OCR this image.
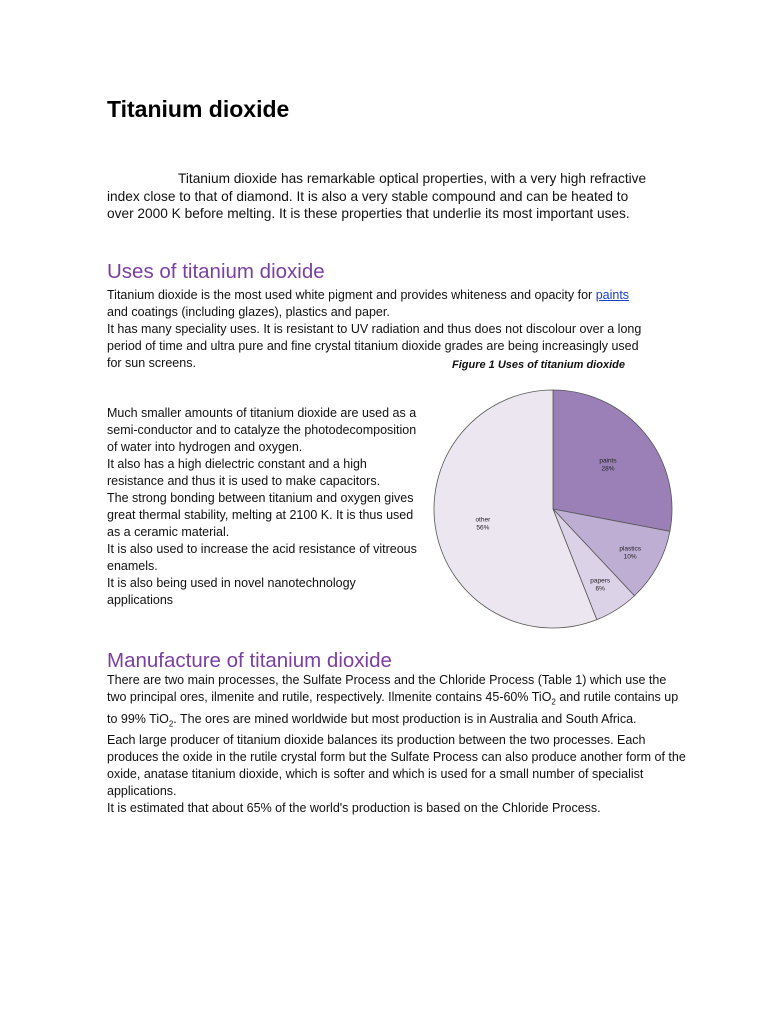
Titanium dioxide

Titanium dioxide has remarkable optical properties, with a very high refractive index close to that of diamond. It is also a very stable compound and can be heated to over 2000 K before melting. It is these properties that underlie its most important uses.

Uses of titanium dioxide

Titanium dioxide is the most used white pigment and provides whiteness and opacity for paints and coatings (including glazes), plastics and paper.

It has many speciality uses. It is resistant to UV radiation and thus does not discolour over a long period of time and ultra pure and fine crystal titanium dioxide grades are being increasingly used for sun screens.	Figure 1 Uses of titanium dioxide

Much smaller amounts of titanium dioxide are used as a semi-conductor and to catalyze the photodecomposition of water into hydrogen and oxygen.

It also has a high dielectric constant and a high resistance and thus it is used to make capacitors.

The strong bonding between titanium and oxygen gives great thermal stability, melting at 2100 K. It is thus used as a ceramic material.

It is also used to increase the acid resistance of vitreous enamels.

It is also being used in novel nanotechnology applications

paints
28%
plastics
10%
papers
6%
other
56%
Manufacture of titanium dioxide

There are two main processes, the Sulfate Process and the Chloride Process (Table 1) which use the two principal ores, ilmenite and rutile, respectively. Ilmenite contains 45-60% TiO$_2$ and rutile contains up to 99% TiO$_2$. The ores are mined worldwide but most production is in Australia and South Africa.

Each large producer of titanium dioxide balances its production between the two processes. Each produces the oxide in the rutile crystal form but the Sulfate Process can also produce another form of the oxide, anatase titanium dioxide, which is softer and which is used for a small number of specialist applications.

It is estimated that about 65% of the world's production is based on the Chloride Process.
